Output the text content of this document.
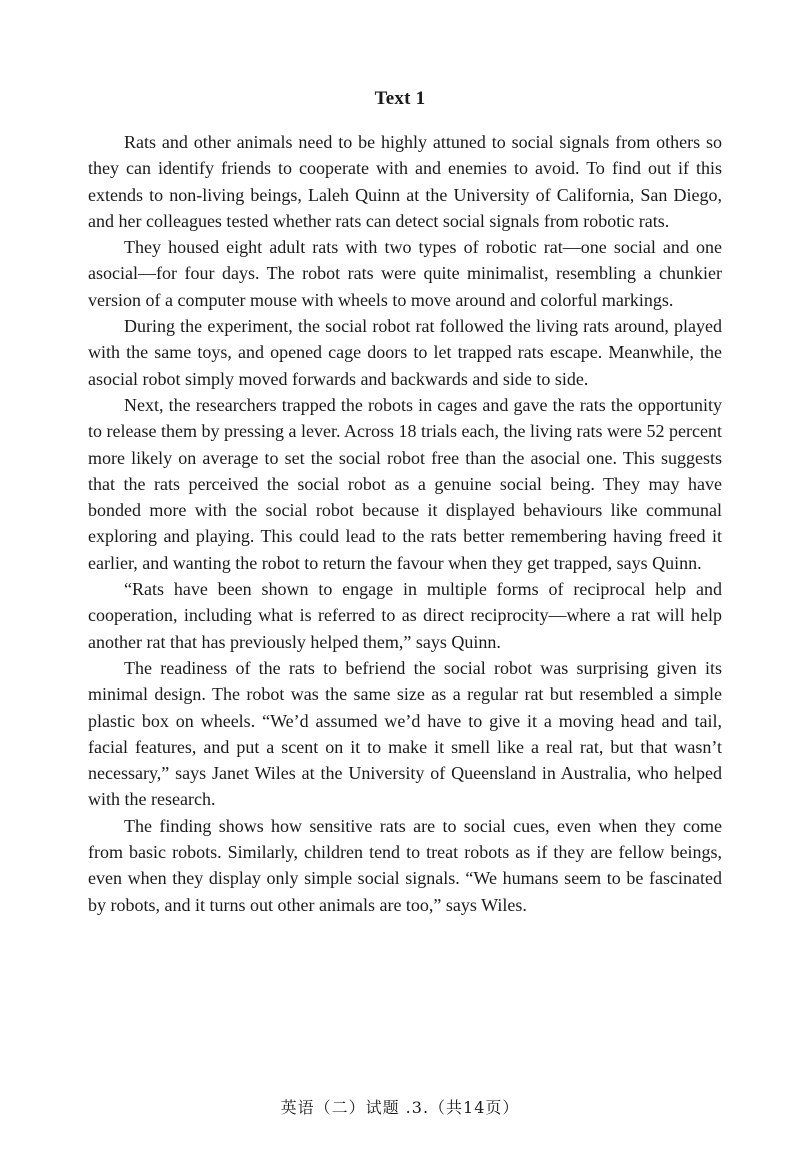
Text 1

Rats and other animals need to be highly attuned to social signals from others so they can identify friends to cooperate with and enemies to avoid. To find out if this extends to non-living beings, Laleh Quinn at the University of California, San Diego, and her colleagues tested whether rats can detect social signals from robotic rats.

They housed eight adult rats with two types of robotic rat—one social and one asocial—for four days. The robot rats were quite minimalist, resembling a chunkier version of a computer mouse with wheels to move around and colorful markings.

During the experiment, the social robot rat followed the living rats around, played with the same toys, and opened cage doors to let trapped rats escape. Meanwhile, the asocial robot simply moved forwards and backwards and side to side.

Next, the researchers trapped the robots in cages and gave the rats the opportunity to release them by pressing a lever. Across 18 trials each, the living rats were 52 percent more likely on average to set the social robot free than the asocial one. This suggests that the rats perceived the social robot as a genuine social being. They may have bonded more with the social robot because it displayed behaviours like communal exploring and playing. This could lead to the rats better remembering having freed it earlier, and wanting the robot to return the favour when they get trapped, says Quinn.

“Rats have been shown to engage in multiple forms of reciprocal help and cooperation, including what is referred to as direct reciprocity—where a rat will help another rat that has previously helped them,” says Quinn.

The readiness of the rats to befriend the social robot was surprising given its minimal design. The robot was the same size as a regular rat but resembled a simple plastic box on wheels. “We’d assumed we’d have to give it a moving head and tail, facial features, and put a scent on it to make it smell like a real rat, but that wasn’t necessary,” says Janet Wiles at the University of Queensland in Australia, who helped with the research.

The finding shows how sensitive rats are to social cues, even when they come from basic robots. Similarly, children tend to treat robots as if they are fellow beings, even when they display only simple social signals. “We humans seem to be fascinated by robots, and it turns out other animals are too,” says Wiles.

英语（二）试题 .3.（共14页）
